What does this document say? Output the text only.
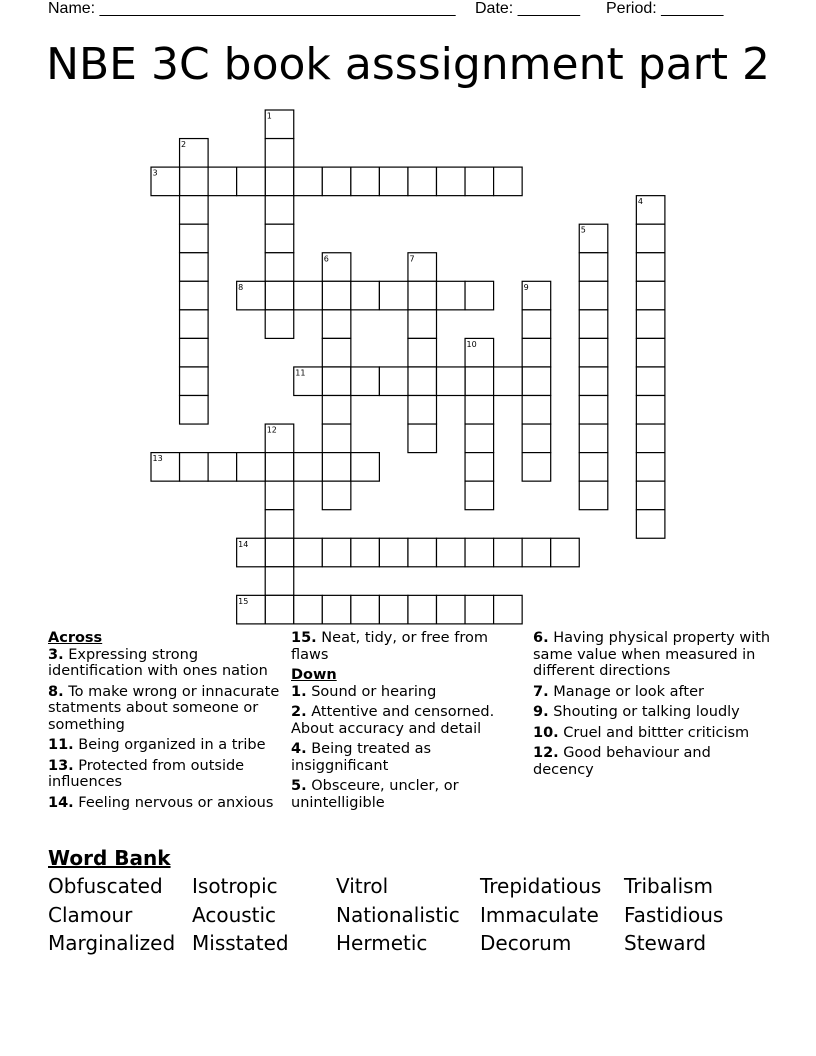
Name: ________________________________________

Date: _______

Period: _______

NBE 3C book asssignment part 2
1
2
3
4
5
6	7
8	9
10
11
12
13
14
15
Across
3. Expressing strong identification with ones nation
8. To make wrong or innacurate statments about someone or something
11. Being organized in a tribe
13. Protected from outside influences
14. Feeling nervous or anxious
15. Neat, tidy, or free from flaws
Down
1. Sound or hearing
2. Attentive and censorned. About accuracy and detail
4. Being treated as insiggnificant
5. Obsceure, uncler, or unintelligible
6. Having physical property with same value when measured in different directions
7. Manage or look after
9. Shouting or talking loudly
10. Cruel and bittter criticism
12. Good behaviour and decency
Word Bank
Obfuscated Isotropic	Vitrol	Trepidatious Tribalism
Clamour	Acoustic	Nationalistic Immaculate Fastidious
Marginalized Misstated Hermetic	Decorum	Steward
